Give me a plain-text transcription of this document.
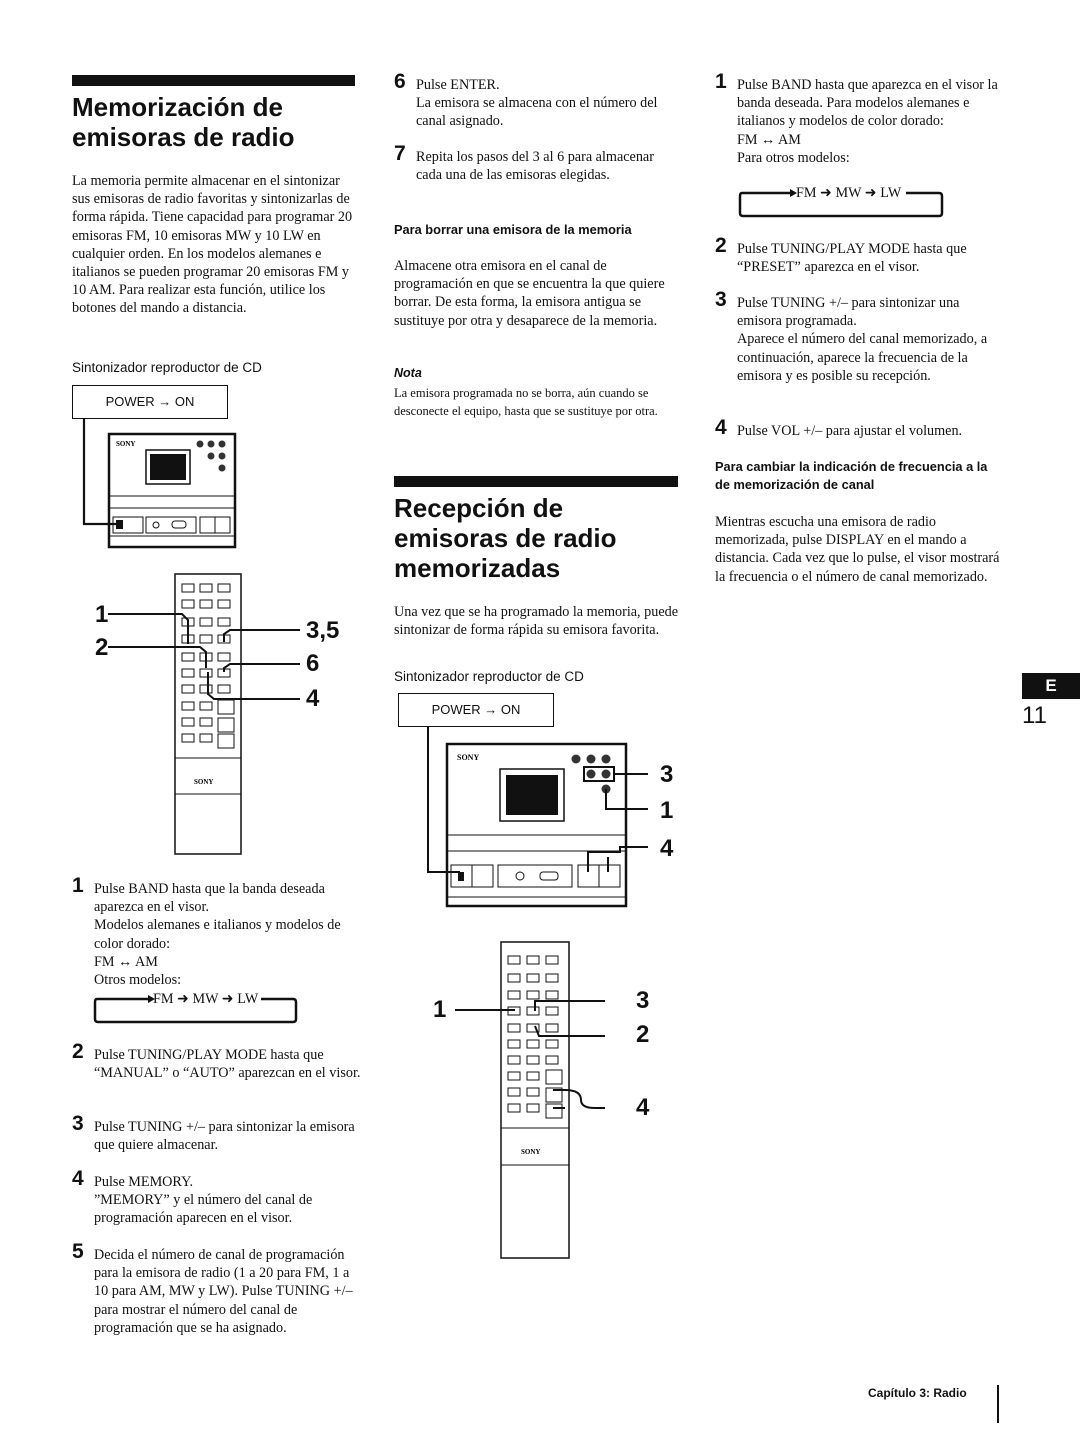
Memorización de emisoras de radio
La memoria permite almacenar en el sintonizar sus emisoras de radio favoritas y sintonizarlas de forma rápida. Tiene capacidad para programar 20 emisoras FM, 10 emisoras MW y 10 LW en cualquier orden. En los modelos alemanes e italianos se pueden programar 20 emisoras FM y 10 AM. Para realizar esta función, utilice los botones del mando a distancia.
Sintonizador reproductor de CD
POWER → ON
SONY
SONY
1
2
3,5
6
4
1 Pulse BAND hasta que la banda deseada aparezca en el visor.
Modelos alemanes e italianos y modelos de color dorado:
FM ↔ AM
Otros modelos:
FM ➜ MW ➜ LW
2 Pulse TUNING/PLAY MODE hasta que “MANUAL” o “AUTO” aparezcan en el visor.
3 Pulse TUNING +/– para sintonizar la emisora que quiere almacenar.
4 Pulse MEMORY.
”MEMORY” y el número del canal de programación aparecen en el visor.
5 Decida el número de canal de programación para la emisora de radio (1 a 20 para FM, 1 a 10 para AM, MW y LW). Pulse TUNING +/– para mostrar el número del canal de programación que se ha asignado.
6 Pulse ENTER.
La emisora se almacena con el número del canal asignado.
7 Repita los pasos del 3 al 6 para almacenar cada una de las emisoras elegidas.
Para borrar una emisora de la memoria
Almacene otra emisora en el canal de programación en que se encuentra la que quiere borrar. De esta forma, la emisora antigua se sustituye por otra y desaparece de la memoria.
Nota
La emisora programada no se borra, aún cuando se desconecte el equipo, hasta que se sustituye por otra.
Recepción de emisoras de radio memorizadas
Una vez que se ha programado la memoria, puede sintonizar de forma rápida su emisora favorita.
Sintonizador reproductor de CD
POWER → ON
SONY
3
1
4
SONY
1	3
2
4
1 Pulse BAND hasta que aparezca en el visor la banda deseada. Para modelos alemanes e italianos y modelos de color dorado:
FM ↔ AM
Para otros modelos:
FM ➜ MW ➜ LW
2 Pulse TUNING/PLAY MODE hasta que “PRESET” aparezca en el visor.
3 Pulse TUNING +/– para sintonizar una emisora programada.
Aparece el número del canal memorizado, a continuación, aparece la frecuencia de la emisora y es posible su recepción.
4 Pulse VOL +/– para ajustar el volumen.
Para cambiar la indicación de frecuencia a la de memorización de canal
Mientras escucha una emisora de radio memorizada, pulse DISPLAY en el mando a distancia. Cada vez que lo pulse, el visor mostrará la frecuencia o el número de canal memorizado.
E
11
Capítulo 3: Radio
